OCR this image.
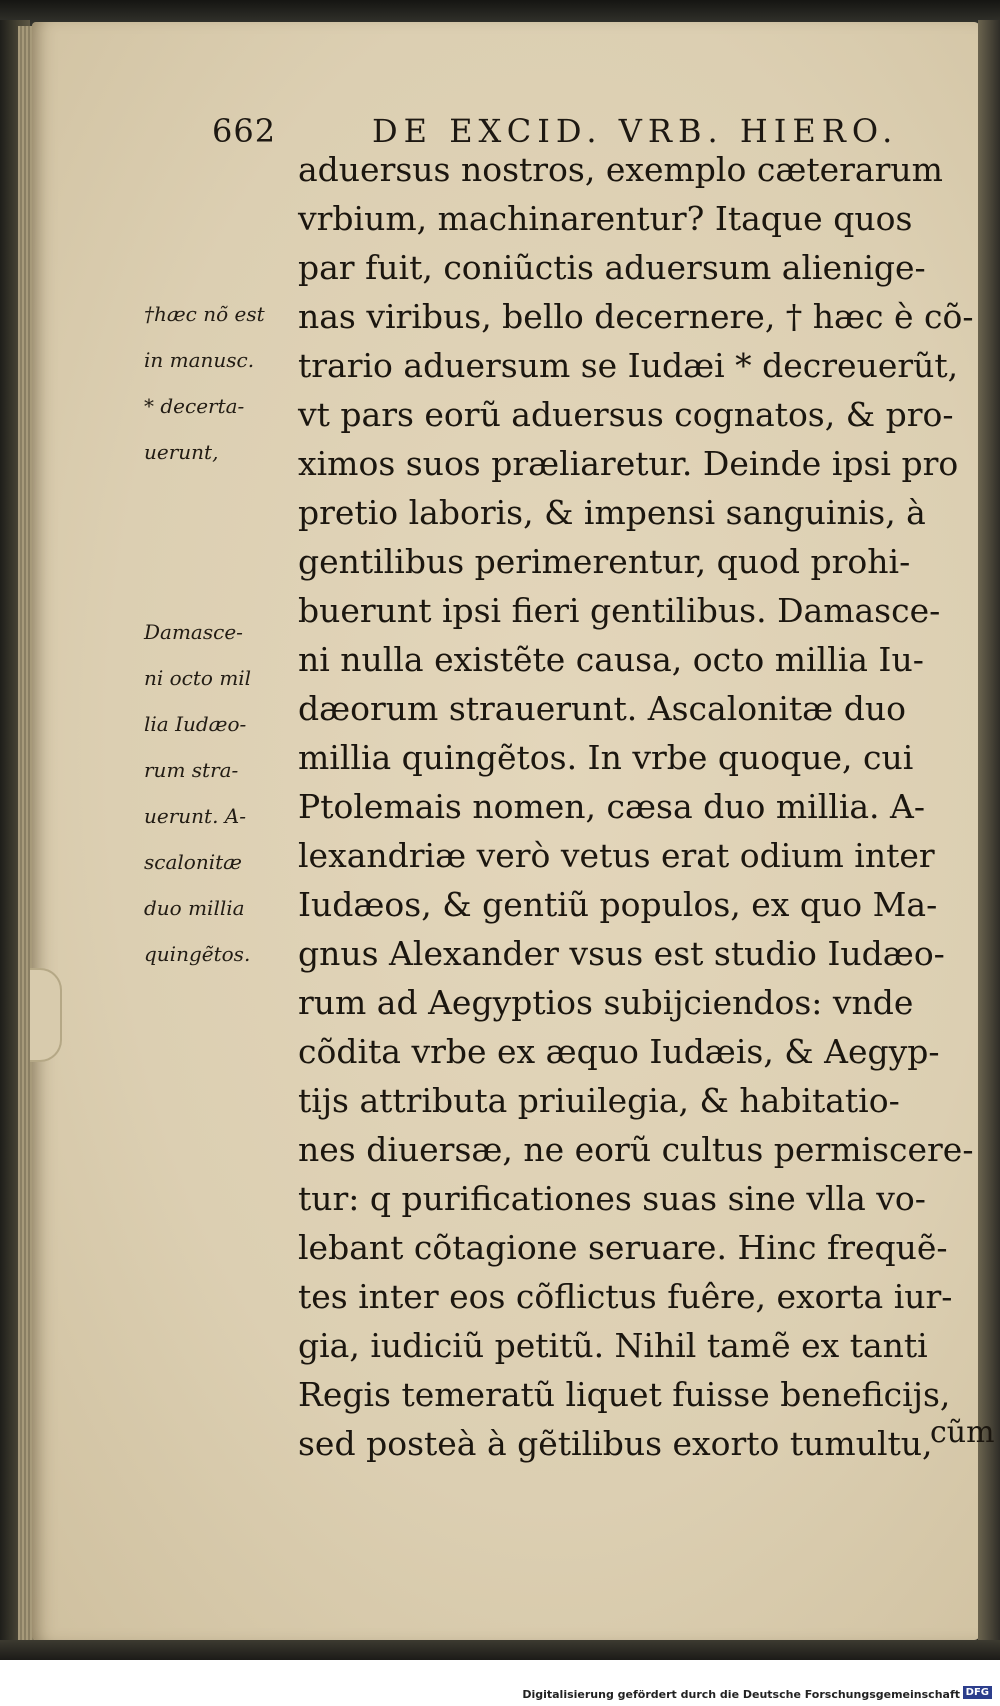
662	DE EXCID. VRB. HIERO.
aduersus nostros, exemplo cæterarum
vrbium, machinarentur? Itaque quos
par fuit, coniũctis aduersum alienige-
nas viribus, bello decernere, † hæc è cõ-
trario aduersum se Iudæi * decreuerũt,
vt pars eorũ aduersus cognatos, & pro-
ximos suos præliaretur. Deinde ipsi pro
pretio laboris, & impensi sanguinis, à
gentilibus perimerentur, quod prohi-
buerunt ipsi fieri gentilibus. Damasce-
ni nulla existẽte causa, octo millia Iu-
dæorum strauerunt. Ascalonitæ duo
millia quingẽtos. In vrbe quoque, cui
Ptolemais nomen, cæsa duo millia. A-
lexandriæ verò vetus erat odium inter
Iudæos, & gentiũ populos, ex quo Ma-
gnus Alexander vsus est studio Iudæo-
rum ad Aegyptios subijciendos: vnde
cõdita vrbe ex æquo Iudæis, & Aegyp-
tijs attributa priuilegia, & habitatio-
nes diuersæ, ne eorũ cultus permiscere-
tur: q purificationes suas sine vlla vo-
lebant cõtagione seruare. Hinc frequẽ-
tes inter eos cõflictus fuêre, exorta iur-
gia, iudiciũ petitũ. Nihil tamẽ ex tanti
Regis temeratũ liquet fuisse beneficijs,
sed posteà à gẽtilibus exorto tumultu,
cũm
†hæc nõ est
in manusc.
* decerta-
uerunt,
Damasce-
ni octo mil
lia Iudæo-
rum stra-
uerunt. A-
scalonitæ
duo millia
quingẽtos.
Digitalisierung gefördert durch die Deutsche Forschungsgemeinschaft DFG
